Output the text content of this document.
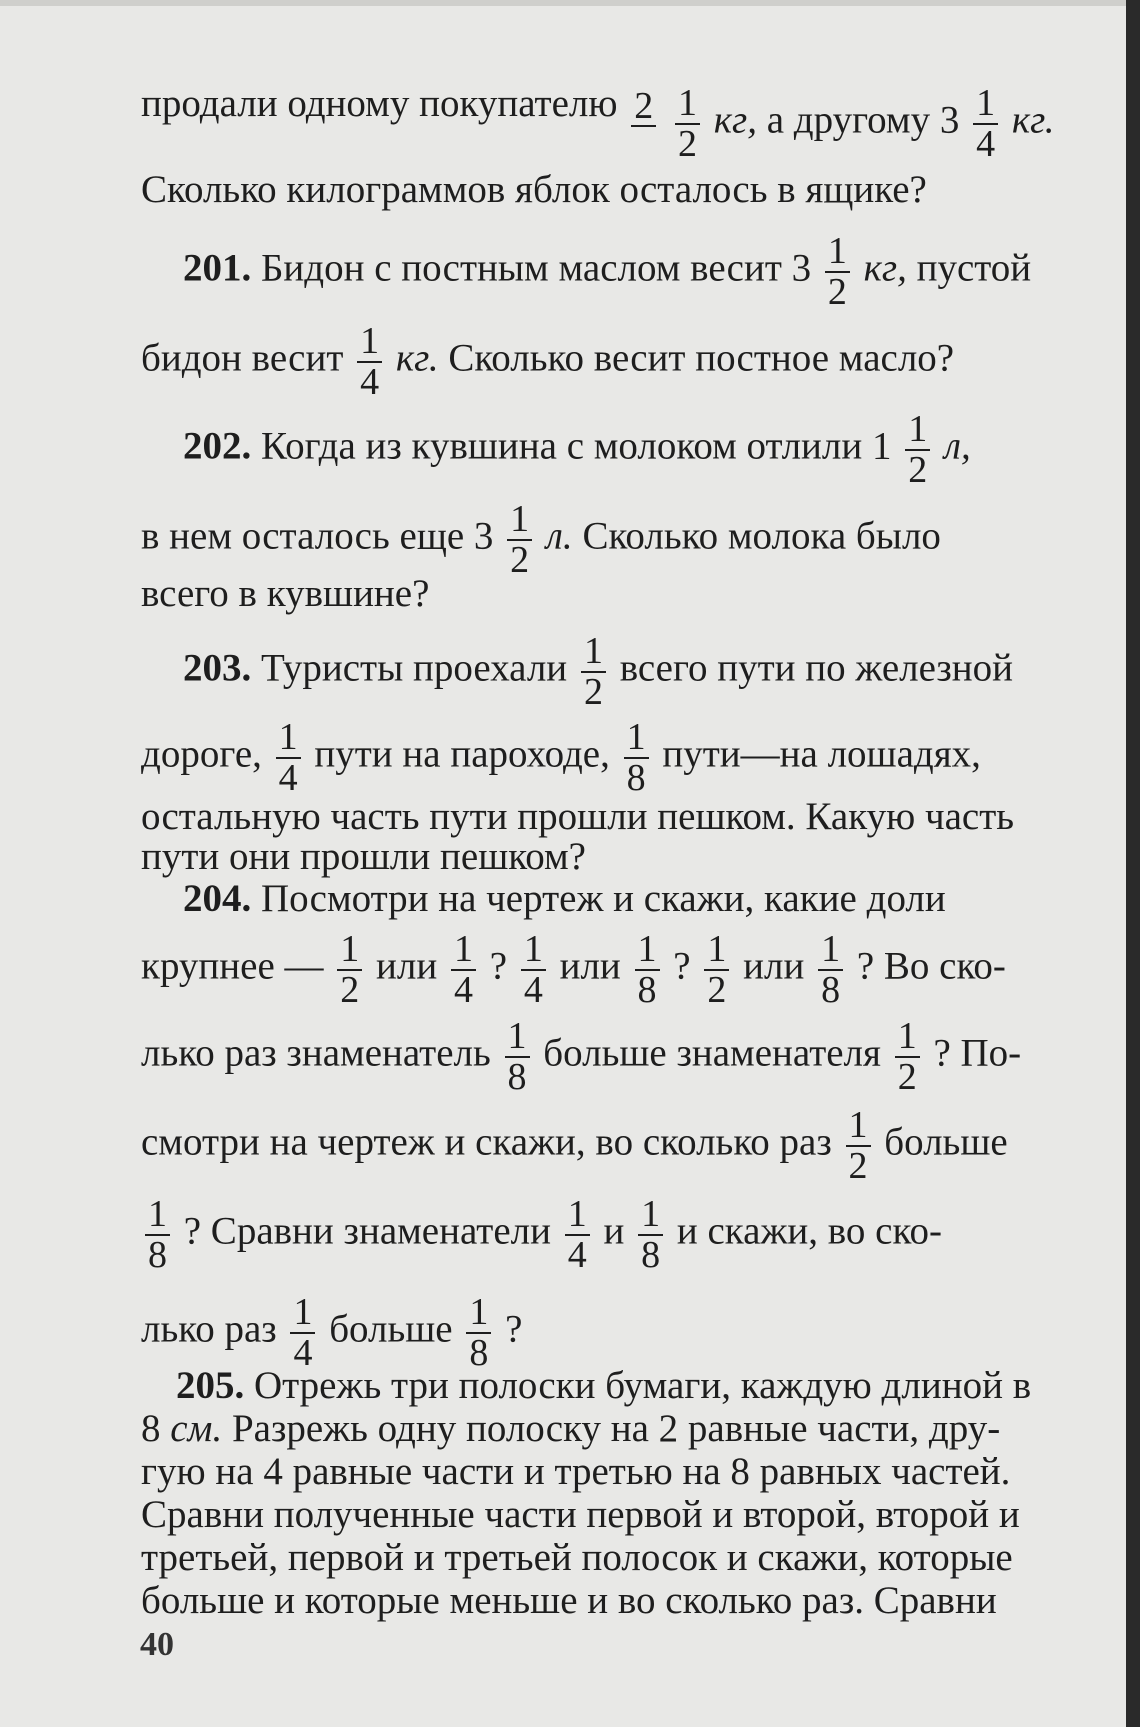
продали одному покупателю $2 \frac{1}{2}$ кг, а другому $3 \frac{1}{4}$ кг.
Сколько килограммов яблок осталось в ящике?
201. Бидон с постным маслом весит $3 \frac{1}{2}$ кг, пустой
бидон весит $\frac{1}{4}$ кг. Сколько весит постное масло?
202. Когда из кувшина с молоком отлили $1 \frac{1}{2} л$,
в нем осталось еще $3 \frac{1}{2} л$. Сколько молока было
всего в кувшине?
203. Туристы проехали $\frac{1}{2}$ всего пути по железной
дороге, $\frac{1}{4}$ пути на пароходе, $\frac{1}{8}$ пути—на лошадях,
остальную часть пути прошли пешком. Какую часть
пути они прошли пешком?
204. Посмотри на чертеж и скажи, какие доли
крупнее — $\frac{1}{2}$ или $\frac{1}{4}$ ? $\frac{1}{4}$ или $\frac{1}{8}$ ? $\frac{1}{2}$ или $\frac{1}{8}$ ? Во ско-
лько раз знаменатель $\frac{1}{8}$ больше знаменателя $\frac{1}{2}$ ? По-
смотри на чертеж и скажи, во сколько раз $\frac{1}{2}$ больше
$\frac{1}{8}$ ? Сравни знаменатели $\frac{1}{4}$ и $\frac{1}{8}$ и скажи, во ско-
лько раз $\frac{1}{4}$ больше $\frac{1}{8}$ ?
205. Отрежь три полоски бумаги, каждую длиной в
8 см. Разрежь одну полоску на 2 равные части, дру-
гую на 4 равные части и третью на 8 равных частей.
Сравни полученные части первой и второй, второй и
третьей, первой и третьей полосок и скажи, которые
больше и которые меньше и во сколько раз. Сравни
40
